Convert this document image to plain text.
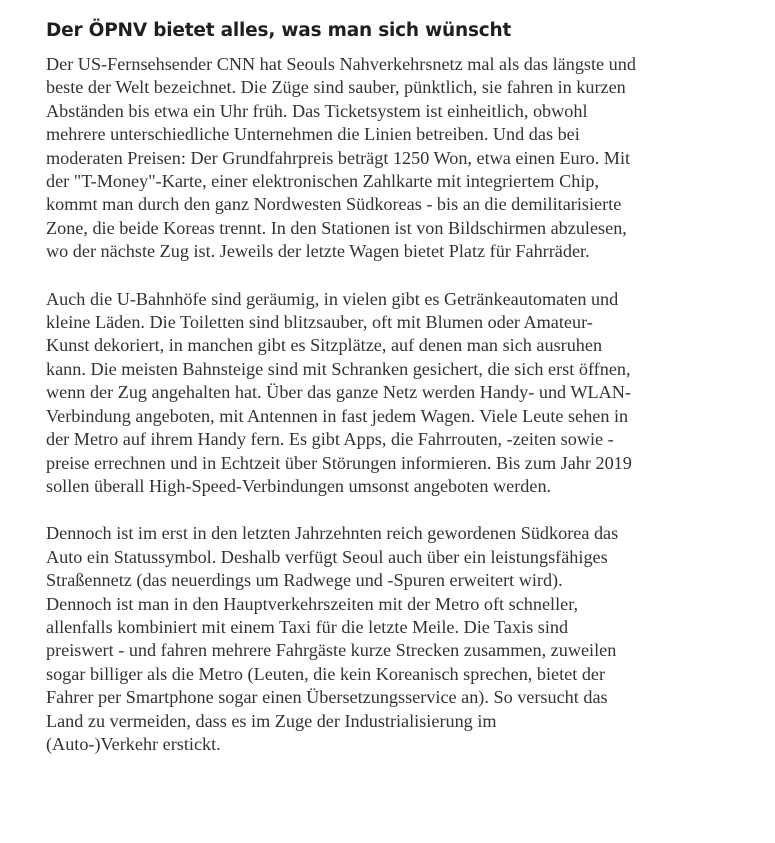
Der ÖPNV bietet alles, was man sich wünscht

Der US-Fernsehsender CNN hat Seouls Nahverkehrsnetz mal als das längste und
beste der Welt bezeichnet. Die Züge sind sauber, pünktlich, sie fahren in kurzen
Abständen bis etwa ein Uhr früh. Das Ticketsystem ist einheitlich, obwohl
mehrere unterschiedliche Unternehmen die Linien betreiben. Und das bei
moderaten Preisen: Der Grundfahrpreis beträgt 1250 Won, etwa einen Euro. Mit
der "T-Money"-Karte, einer elektronischen Zahlkarte mit integriertem Chip,
kommt man durch den ganz Nordwesten Südkoreas - bis an die demilitarisierte
Zone, die beide Koreas trennt. In den Stationen ist von Bildschirmen abzulesen,
wo der nächste Zug ist. Jeweils der letzte Wagen bietet Platz für Fahrräder.

Auch die U-Bahnhöfe sind geräumig, in vielen gibt es Getränkeautomaten und
kleine Läden. Die Toiletten sind blitzsauber, oft mit Blumen oder Amateur-
Kunst dekoriert, in manchen gibt es Sitzplätze, auf denen man sich ausruhen
kann. Die meisten Bahnsteige sind mit Schranken gesichert, die sich erst öffnen,
wenn der Zug angehalten hat. Über das ganze Netz werden Handy- und WLAN-
Verbindung angeboten, mit Antennen in fast jedem Wagen. Viele Leute sehen in
der Metro auf ihrem Handy fern. Es gibt Apps, die Fahrrouten, -zeiten sowie -
preise errechnen und in Echtzeit über Störungen informieren. Bis zum Jahr 2019
sollen überall High-Speed-Verbindungen umsonst angeboten werden.

Dennoch ist im erst in den letzten Jahrzehnten reich gewordenen Südkorea das
Auto ein Statussymbol. Deshalb verfügt Seoul auch über ein leistungsfähiges
Straßennetz (das neuerdings um Radwege und -Spuren erweitert wird).
Dennoch ist man in den Hauptverkehrszeiten mit der Metro oft schneller,
allenfalls kombiniert mit einem Taxi für die letzte Meile. Die Taxis sind
preiswert - und fahren mehrere Fahrgäste kurze Strecken zusammen, zuweilen
sogar billiger als die Metro (Leuten, die kein Koreanisch sprechen, bietet der
Fahrer per Smartphone sogar einen Übersetzungsservice an). So versucht das
Land zu vermeiden, dass es im Zuge der Industrialisierung im
(Auto-)Verkehr erstickt.
